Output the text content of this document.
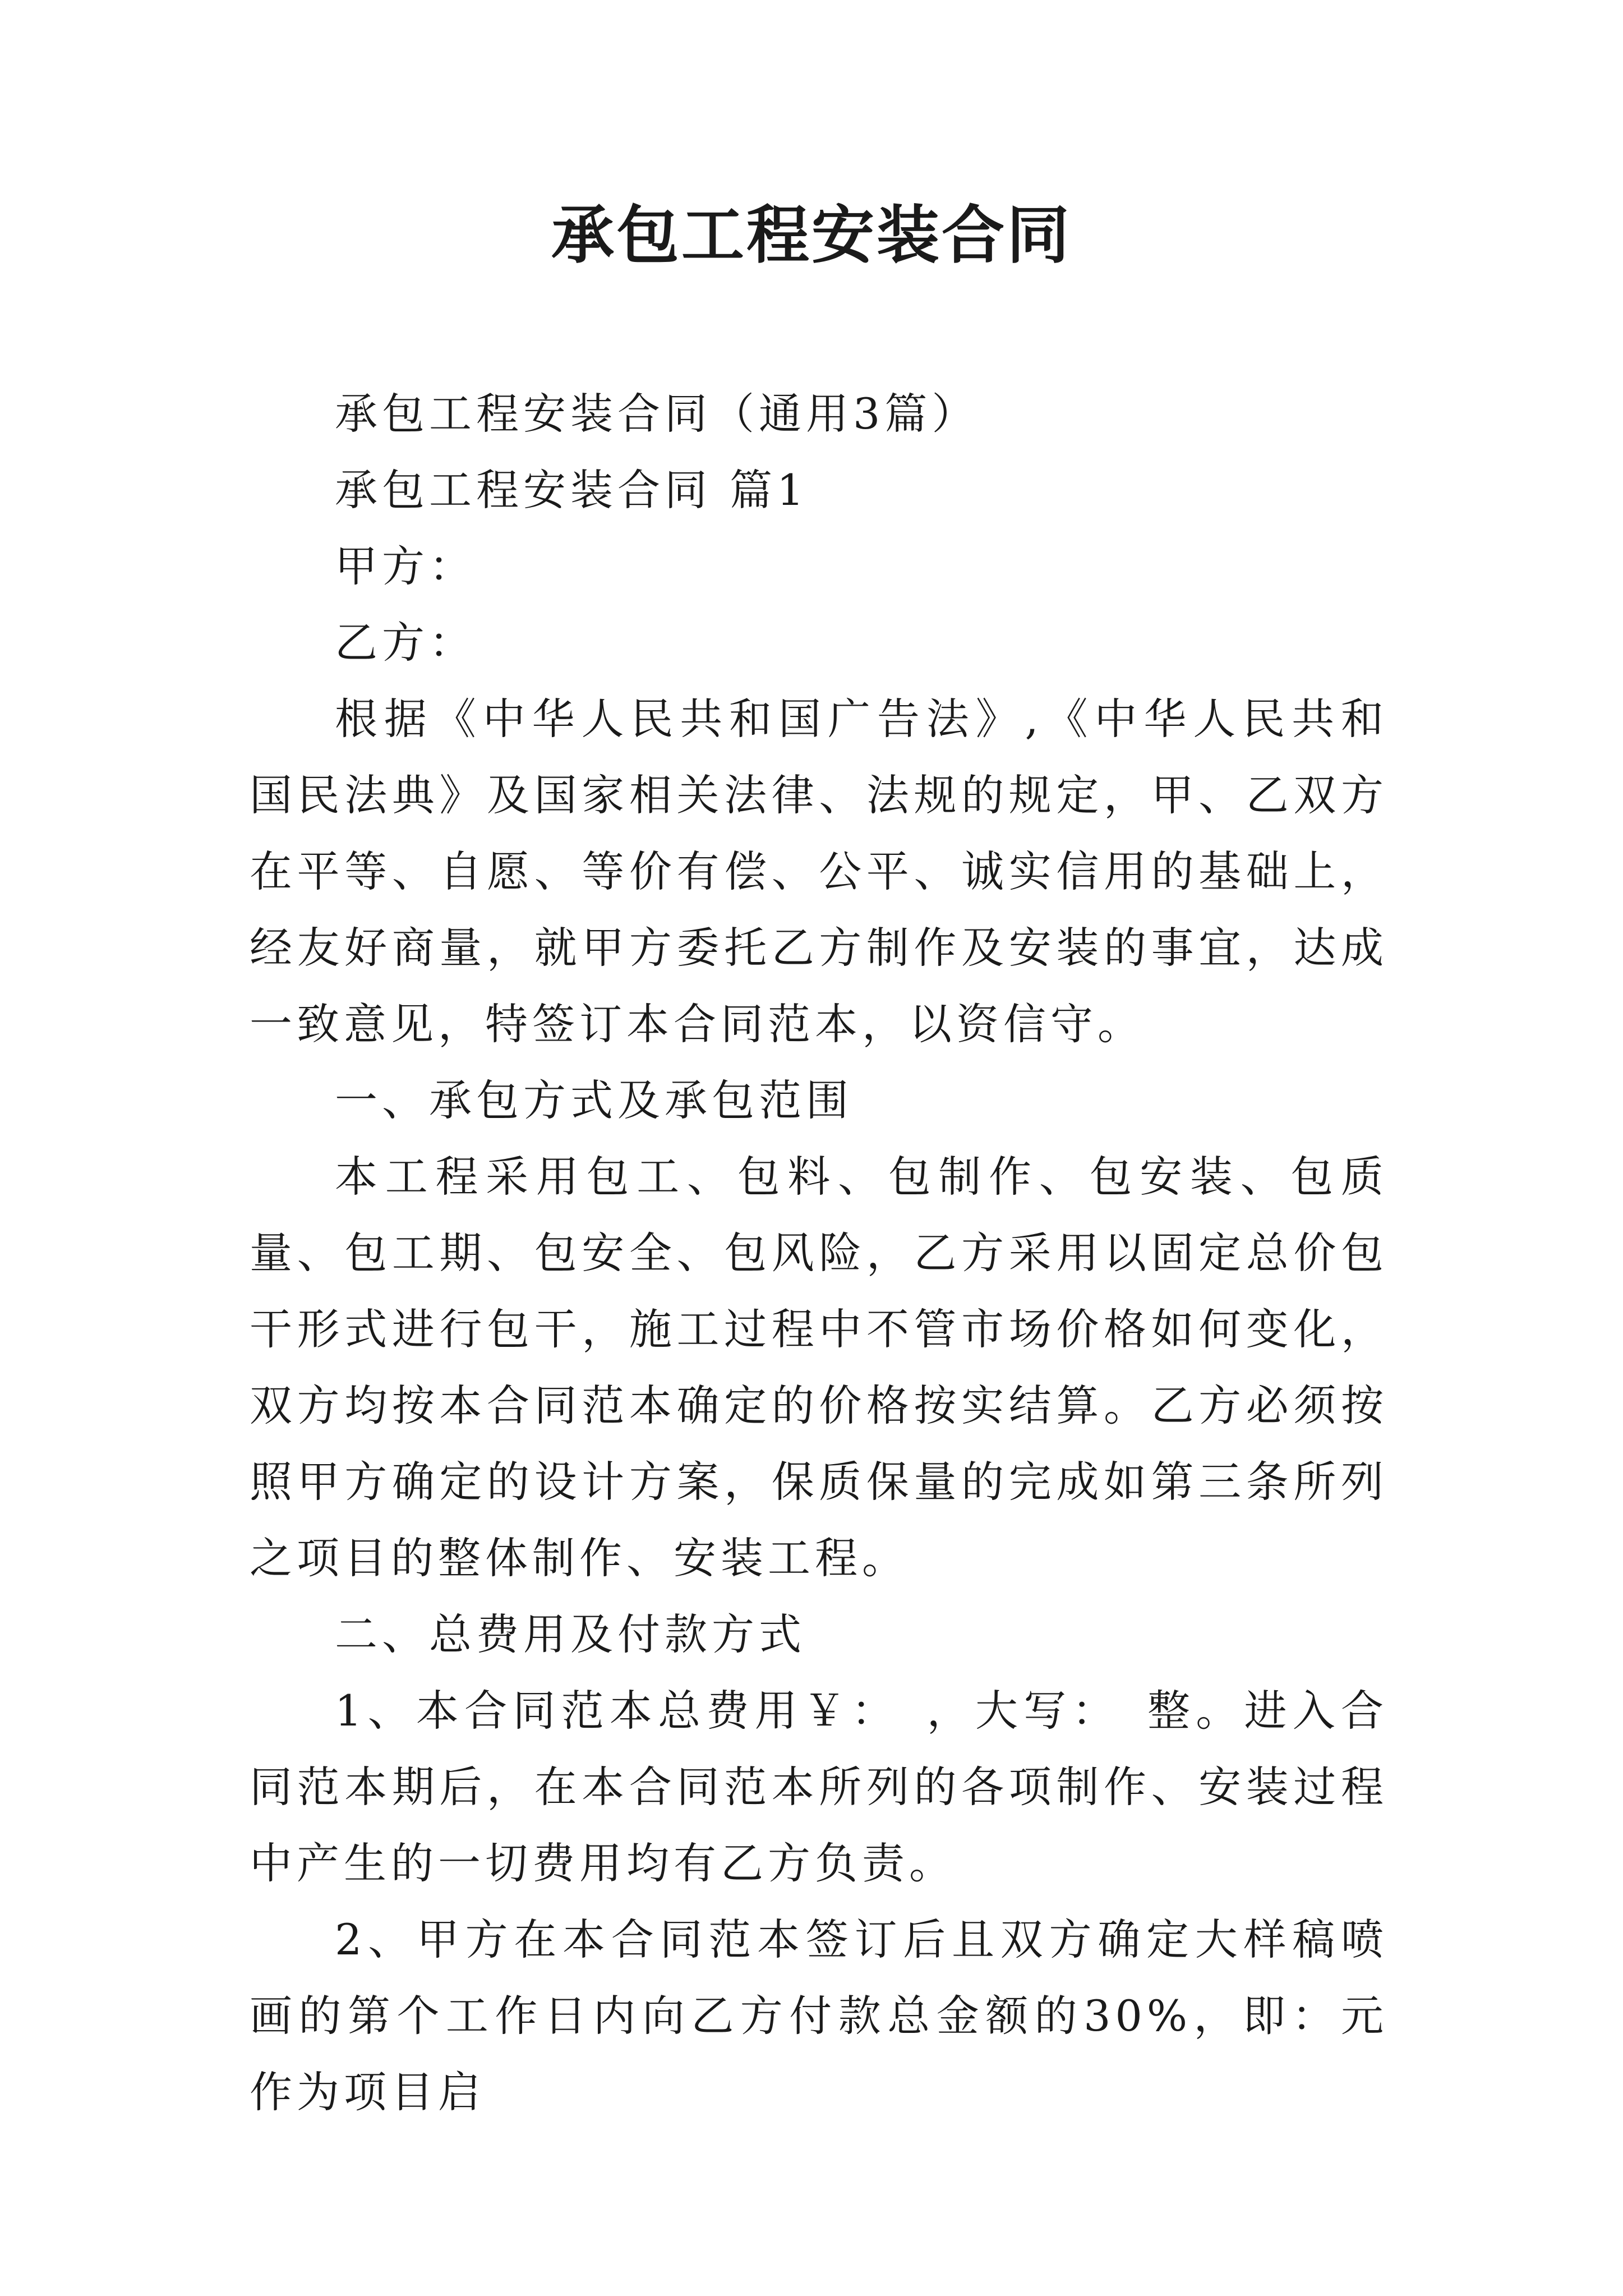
承包工程安装合同

承包工程安装合同（通用3篇）

承包工程安装合同 篇1

甲方：

乙方：

根据《中华人民共和国广告法》,《中华人民共和国民法典》及国家相关法律、法规的规定，甲、乙双方在平等、自愿、等价有偿、公平、诚实信用的基础上，经友好商量，就甲方委托乙方制作及安装的事宜，达成一致意见，特签订本合同范本，以资信守。

一、承包方式及承包范围

本工程采用包工、包料、包制作、包安装、包质量、包工期、包安全、包风险，乙方采用以固定总价包干形式进行包干，施工过程中不管市场价格如何变化，双方均按本合同范本确定的价格按实结算。乙方必须按照甲方确定的设计方案，保质保量的完成如第三条所列之项目的整体制作、安装工程。

二、总费用及付款方式

1、本合同范本总费用￥：　，大写：　整。进入合同范本期后，在本合同范本所列的各项制作、安装过程中产生的一切费用均有乙方负责。

2、甲方在本合同范本签订后且双方确定大样稿喷画的第个工作日内向乙方付款总金额的30%，即：元作为项目启
